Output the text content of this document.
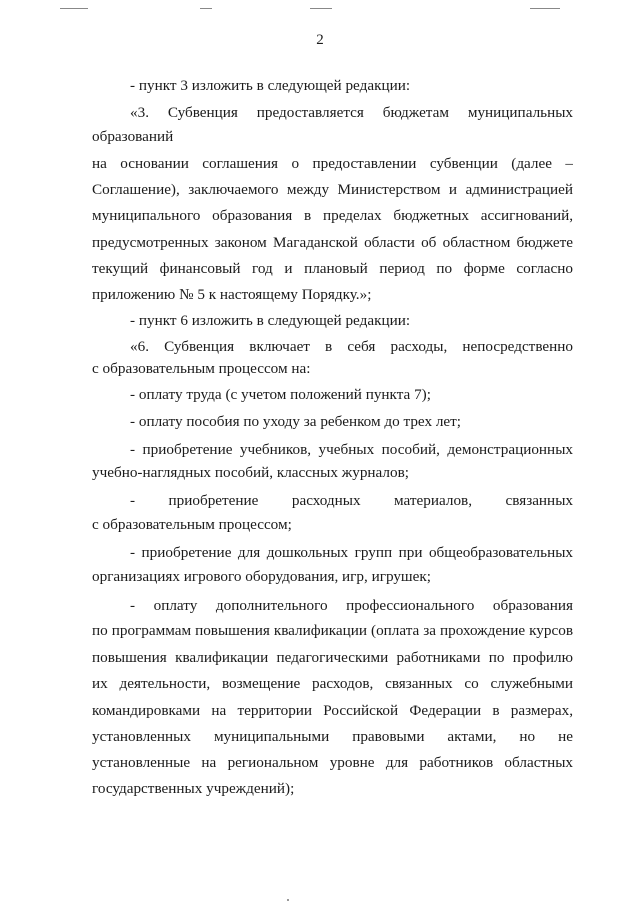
2
- пункт 3 изложить в следующей редакции:
«3. Субвенция предоставляется бюджетам муниципальных
образований
на основании соглашения о предоставлении субвенции (далее –
Соглашение), заключаемого между Министерством и администрацией
муниципального образования в пределах бюджетных ассигнований,
предусмотренных законом Магаданской области об областном бюджете
текущий финансовый год и плановый период по форме согласно
приложению № 5 к настоящему Порядку.»;
- пункт 6 изложить в следующей редакции:
«6. Субвенция включает в себя расходы, непосредственно
с образовательным процессом на:
- оплату труда (с учетом положений пункта 7);
- оплату пособия по уходу за ребенком до трех лет;
- приобретение учебников, учебных пособий, демонстрационных
учебно-наглядных пособий, классных журналов;
- приобретение расходных материалов, связанных
с образовательным процессом;
- приобретение для дошкольных групп при общеобразовательных
организациях игрового оборудования, игр, игрушек;
- оплату дополнительного профессионального образования
по программам повышения квалификации (оплата за прохождение курсов
повышения квалификации педагогическими работниками по профилю
их деятельности, возмещение расходов, связанных со служебными
командировками на территории Российской Федерации в размерах,
установленных муниципальными правовыми актами, но не
установленные на региональном уровне для работников областных
государственных учреждений);
